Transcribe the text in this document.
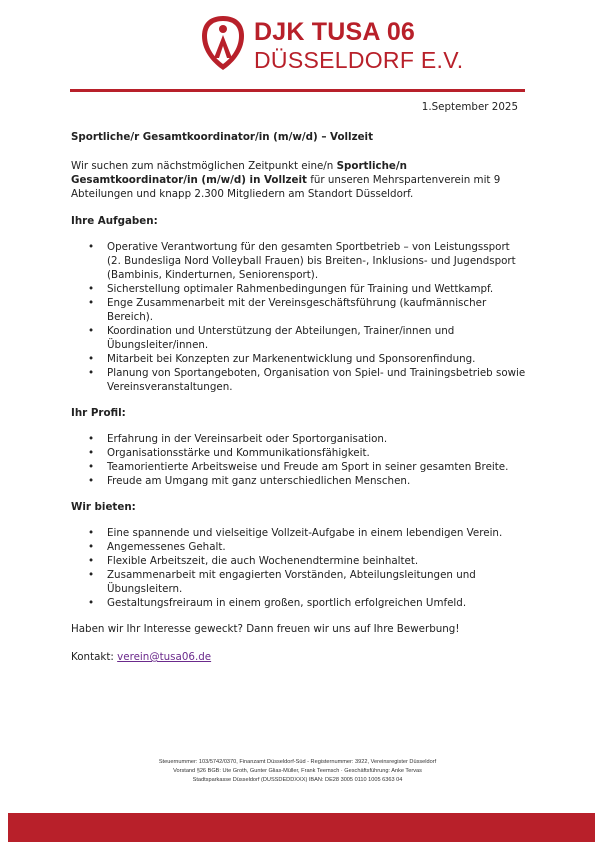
DJK TUSA 06
DÜSSELDORF E.V.
1.September 2025
Sportliche/r Gesamtkoordinator/in (m/w/d) – Vollzeit
Wir suchen zum nächstmöglichen Zeitpunkt eine/n Sportliche/n Gesamtkoordinator/in (m/w/d) in Vollzeit für unseren Mehrspartenverein mit 9 Abteilungen und knapp 2.300 Mitgliedern am Standort Düsseldorf.
Ihre Aufgaben:
• Operative Verantwortung für den gesamten Sportbetrieb – von Leistungssport (2. Bundesliga Nord Volleyball Frauen) bis Breiten-, Inklusions- und Jugendsport (Bambinis, Kinderturnen, Seniorensport).
• Sicherstellung optimaler Rahmenbedingungen für Training und Wettkampf.
• Enge Zusammenarbeit mit der Vereinsgeschäftsführung (kaufmännischer Bereich).
• Koordination und Unterstützung der Abteilungen, Trainer/innen und Übungsleiter/innen.
• Mitarbeit bei Konzepten zur Markenentwicklung und Sponsorenfindung.
• Planung von Sportangeboten, Organisation von Spiel- und Trainingsbetrieb sowie Vereinsveranstaltungen.
Ihr Profil:
• Erfahrung in der Vereinsarbeit oder Sportorganisation.
• Organisationsstärke und Kommunikationsfähigkeit.
• Teamorientierte Arbeitsweise und Freude am Sport in seiner gesamten Breite.
• Freude am Umgang mit ganz unterschiedlichen Menschen.
Wir bieten:
• Eine spannende und vielseitige Vollzeit-Aufgabe in einem lebendigen Verein.
• Angemessenes Gehalt.
• Flexible Arbeitszeit, die auch Wochenendtermine beinhaltet.
• Zusammenarbeit mit engagierten Vorständen, Abteilungsleitungen und Übungsleitern.
• Gestaltungsfreiraum in einem großen, sportlich erfolgreichen Umfeld.
Haben wir Ihr Interesse geweckt? Dann freuen wir uns auf Ihre Bewerbung!
Kontakt: verein@tusa06.de
Steuernummer: 103/5742/0370, Finanzamt Düsseldorf-Süd - Registernummer: 3922, Vereinsregister Düsseldorf
Vorstand §26 BGB: Ute Groth, Gunter Glias-Müller, Frank Teemsch · Geschäftsführung: Anke Tervas
Stadtsparkasse Düsseldorf (DUSSDEDDXXX) IBAN: DE28 3005 0110 1005 6363 04
